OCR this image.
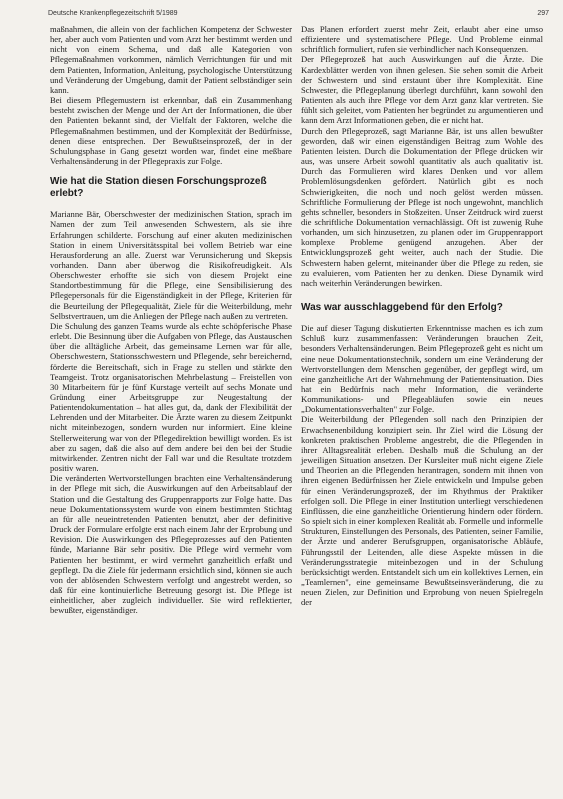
Deutsche Krankenpflegezeitschrift 5/1989	297

maßnahmen, die allein von der fachlichen Kompetenz der Schwester her, aber auch vom Patienten und vom Arzt her bestimmt werden und nicht von einem Schema, und daß alle Kategorien von Pflegemaßnahmen vorkommen, nämlich Verrichtungen für und mit dem Patienten, Information, Anleitung, psychologische Unterstützung und Veränderung der Umgebung, damit der Patient selbständiger sein kann.

Bei diesem Pflegemustern ist erkennbar, daß ein Zusammenhang besteht zwischen der Menge und der Art der Informationen, die über den Patienten bekannt sind, der Vielfalt der Faktoren, welche die Pflegemaßnahmen bestimmen, und der Komplexität der Bedürfnisse, denen diese entsprechen. Der Bewußtseinsprozeß, der in der Schulungsphase in Gang gesetzt worden war, findet eine meßbare Verhaltensänderung in der Pflegepraxis zur Folge.

Wie hat die Station diesen Forschungsprozeß erlebt?

Marianne Bär, Oberschwester der medizinischen Station, sprach im Namen der zum Teil anwesenden Schwestern, als sie ihre Erfahrungen schilderte. Forschung auf einer akuten medizinischen Station in einem Universitätsspital bei vollem Betrieb war eine Herausforderung an alle. Zuerst war Verunsicherung und Skepsis vorhanden. Dann aber überwog die Risikofreudigkeit. Als Oberschwester erhoffte sie sich von diesem Projekt eine Standortbestimmung für die Pflege, eine Sensibilisierung des Pflegepersonals für die Eigenständigkeit in der Pflege, Kriterien für die Beurteilung der Pflegequalität, Ziele für die Weiterbildung, mehr Selbstvertrauen, um die Anliegen der Pflege nach außen zu vertreten.

Die Schulung des ganzen Teams wurde als echte schöpferische Phase erlebt. Die Besinnung über die Aufgaben von Pflege, das Austauschen über die alltägliche Arbeit, das gemeinsame Lernen war für alle, Oberschwestern, Stationsschwestern und Pflegende, sehr bereichernd, förderte die Bereitschaft, sich in Frage zu stellen und stärkte den Teamgeist. Trotz organisatorischen Mehrbelastung – Freistellen von 30 Mitarbeitern für je fünf Kurstage verteilt auf sechs Monate und Gründung einer Arbeitsgruppe zur Neugestaltung der Patientendokumentation – hat alles gut, da, dank der Flexibilität der Lehrenden und der Mitarbeiter. Die Ärzte waren zu diesem Zeitpunkt nicht miteinbezogen, sondern wurden nur informiert. Eine kleine Stellerweiterung war von der Pflegedirektion bewilligt worden. Es ist aber zu sagen, daß die also auf dem andere bei den bei der Studie mitwirkender. Zentren nicht der Fall war und die Resultate trotzdem positiv waren.

Die veränderten Wertvorstellungen brachten eine Verhaltensänderung in der Pflege mit sich, die Auswirkungen auf den Arbeitsablauf der Station und die Gestaltung des Gruppenrapports zur Folge hatte. Das neue Dokumentationssystem wurde von einem bestimmten Stichtag an für alle neueintretenden Patienten benutzt, aber der definitive Druck der Formulare erfolgte erst nach einem Jahr der Erprobung und Revision. Die Auswirkungen des Pflegeprozesses auf den Patienten fünde, Marianne Bär sehr positiv. Die Pflege wird vermehr vom Patienten her bestimmt, er wird vermehrt ganzheitlich erfaßt und gepflegt. Da die Ziele für jedermann ersichtlich sind, können sie auch von der ablösenden Schwestern verfolgt und angestrebt werden, so daß für eine kontinuierliche Betreuung gesorgt ist. Die Pflege ist einheitlicher, aber zugleich individueller. Sie wird reflektierter, bewußter, eigenständiger.

Das Planen erfordert zuerst mehr Zeit, erlaubt aber eine umso effizientere und systematischere Pflege. Und Probleme einmal schriftlich formuliert, rufen sie verbindlicher nach Konsequenzen.

Der Pflegeprozeß hat auch Auswirkungen auf die Ärzte. Die Kardexblätter werden von ihnen gelesen. Sie sehen somit die Arbeit der Schwestern und sind erstaunt über ihre Komplexität. Eine Schwester, die Pflegeplanung überlegt durchführt, kann sowohl den Patienten als auch ihre Pflege vor dem Arzt ganz klar vertreten. Sie fühlt sich geleitet, vom Patienten her begründet zu argumentieren und kann dem Arzt Informationen geben, die er nicht hat.

Durch den Pflegeprozeß, sagt Marianne Bär, ist uns allen bewußter geworden, daß wir einen eigenständigen Beitrag zum Wohle des Patienten leisten. Durch die Dokumentation der Pflege drücken wir aus, was unsere Arbeit sowohl quantitativ als auch qualitativ ist. Durch das Formulieren wird klares Denken und vor allem Problemlösungsdenken gefördert. Natürlich gibt es noch Schwierigkeiten, die noch und noch gelöst werden müssen. Schriftliche Formulierung der Pflege ist noch ungewohnt, manchlich gehts schneller, besonders in Stoßzeiten. Unser Zeitdruck wird zuerst die schriftliche Dokumentation vernachlässigt. Oft ist zuwenig Ruhe vorhanden, um sich hinzusetzen, zu planen oder im Gruppenrapport komplexe Probleme genügend anzugehen. Aber der Entwicklungsprozeß geht weiter, auch nach der Studie. Die Schwestern haben gelernt, miteinander über die Pflege zu reden, sie zu evaluieren, vom Patienten her zu denken. Diese Dynamik wird nach weiterhin Veränderungen bewirken.

Was war ausschlaggebend für den Erfolg?

Die auf dieser Tagung diskutierten Erkenntnisse machen es ich zum Schluß kurz zusammenfassen: Veränderungen brauchen Zeit, besonders Verhaltensänderungen. Beim Pflegeprozeß geht es nicht um eine neue Dokumentationstechnik, sondern um eine Veränderung der Wertvorstellungen dem Menschen gegenüber, der gepflegt wird, um eine ganzheitliche Art der Wahrnehmung der Patientensituation. Dies hat ein Bedürfnis nach mehr Information, die veränderte Kommunikations- und Pflegeabläufen sowie ein neues „Dokumentationsverhalten" zur Folge.

Die Weiterbildung der Pflegenden soll nach den Prinzipien der Erwachsenenbildung konzipiert sein. Ihr Ziel wird die Lösung der konkreten praktischen Probleme angestrebt, die die Pflegenden in ihrer Alltagsrealität erleben. Deshalb muß die Schulung an der jeweiligen Situation ansetzen. Der Kursleiter muß nicht eigene Ziele und Theorien an die Pflegenden herantragen, sondern mit ihnen von ihren eigenen Bedürfnissen her Ziele entwickeln und Impulse geben für einen Veränderungsprozeß, der im Rhythmus der Praktiker erfolgen soll. Die Pflege in einer Institution unterliegt verschiedenen Einflüssen, die eine ganzheitliche Orientierung hindern oder fördern. So spielt sich in einer komplexen Realität ab. Formelle und informelle Strukturen, Einstellungen des Personals, des Patienten, seiner Familie, der Ärzte und anderer Berufsgruppen, organisatorische Abläufe, Führungsstil der Leitenden, alle diese Aspekte müssen in die Veränderungsstrategie miteinbezogen und in der Schulung berücksichtigt werden. Entstandelt sich um ein kollektives Lernen, ein „Teamlernen", eine gemeinsame Bewußtseinsveränderung, die zu neuen Zielen, zur Definition und Erprobung von neuen Spielregeln der
